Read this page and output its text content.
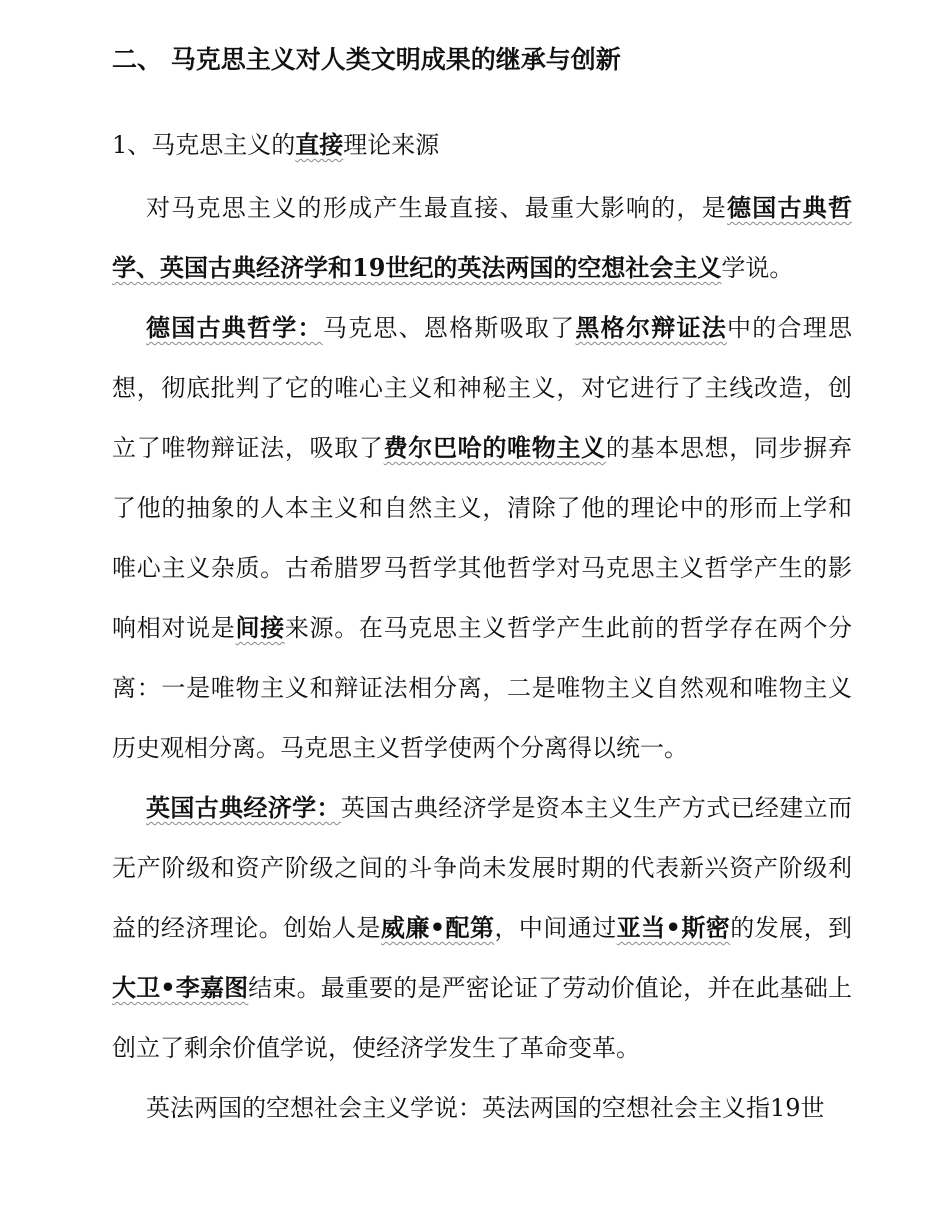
二、 马克思主义对人类文明成果的继承与创新
1、马克思主义的直接理论来源

对马克思主义的形成产生最直接、最重大影响的，是德国古典哲学、英国古典经济学和19世纪的英法两国的空想社会主义学说。

德国古典哲学：马克思、恩格斯吸取了黑格尔辩证法中的合理思想，彻底批判了它的唯心主义和神秘主义，对它进行了主线改造，创立了唯物辩证法，吸取了费尔巴哈的唯物主义的基本思想，同步摒弃了他的抽象的人本主义和自然主义，清除了他的理论中的形而上学和唯心主义杂质。古希腊罗马哲学其他哲学对马克思主义哲学产生的影响相对说是间接来源。在马克思主义哲学产生此前的哲学存在两个分离：一是唯物主义和辩证法相分离，二是唯物主义自然观和唯物主义历史观相分离。马克思主义哲学使两个分离得以统一。

英国古典经济学：英国古典经济学是资本主义生产方式已经建立而无产阶级和资产阶级之间的斗争尚未发展时期的代表新兴资产阶级利益的经济理论。创始人是威廉•配第，中间通过亚当•斯密的发展，到大卫•李嘉图结束。最重要的是严密论证了劳动价值论，并在此基础上创立了剩余价值学说，使经济学发生了革命变革。

英法两国的空想社会主义学说：英法两国的空想社会主义指19世
